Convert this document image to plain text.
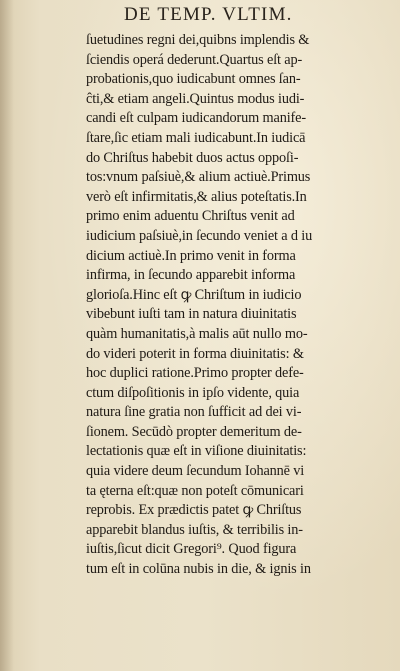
DE TEMP. VLTIM.
ſuetudines regni dei,quibns implendis &
ſciendis operá dederunt.Quartus eſt ap-
probationis,quo iudicabunt omnes ſan-
ĉti,& etiam angeli.Quintus modus iudi-
candi eſt culpam iudicandorum manife-
ſtare,ſic etiam mali iudicabunt.In iudicā
do Chriſtus habebit duos actus oppoſi-
tos:vnum paſsiuè,& alium actiuè.Primus
verò eſt infirmitatis,& alius poteſtatis.In
primo enim aduentu Chriſtus venit ad
iudicium paſsiuè,in ſecundo veniet a d iu
dicium actiuè.In primo venit in forma
infirma, in ſecundo apparebit informa
glorioſa.Hinc eſt ꝙ Chriſtum in iudicio
vibebunt iuſti tam in natura diuinitatis
quàm humanitatis,à malis aūt nullo mo-
do videri poterit in forma diuinitatis: &
hoc duplici ratione.Primo propter defe-
ctum diſpoſitionis in ipſo vidente, quia
natura ſine gratia non ſufficit ad dei vi-
ſionem. Secūdò propter demeritum de-
lectationis quæ eſt in viſione diuinitatis:
quia videre deum ſecundum Iohannē vi
ta ęterna eſt:quæ non poteſt cōmunicari
reprobis. Ex prædictis patet ꝙ Chriſtus
apparebit blandus iuſtis, & terribilis in-
iuſtis,ſicut dicit Gregori⁹. Quod figura
tum eſt in colūna nubis in die, & ignis in
